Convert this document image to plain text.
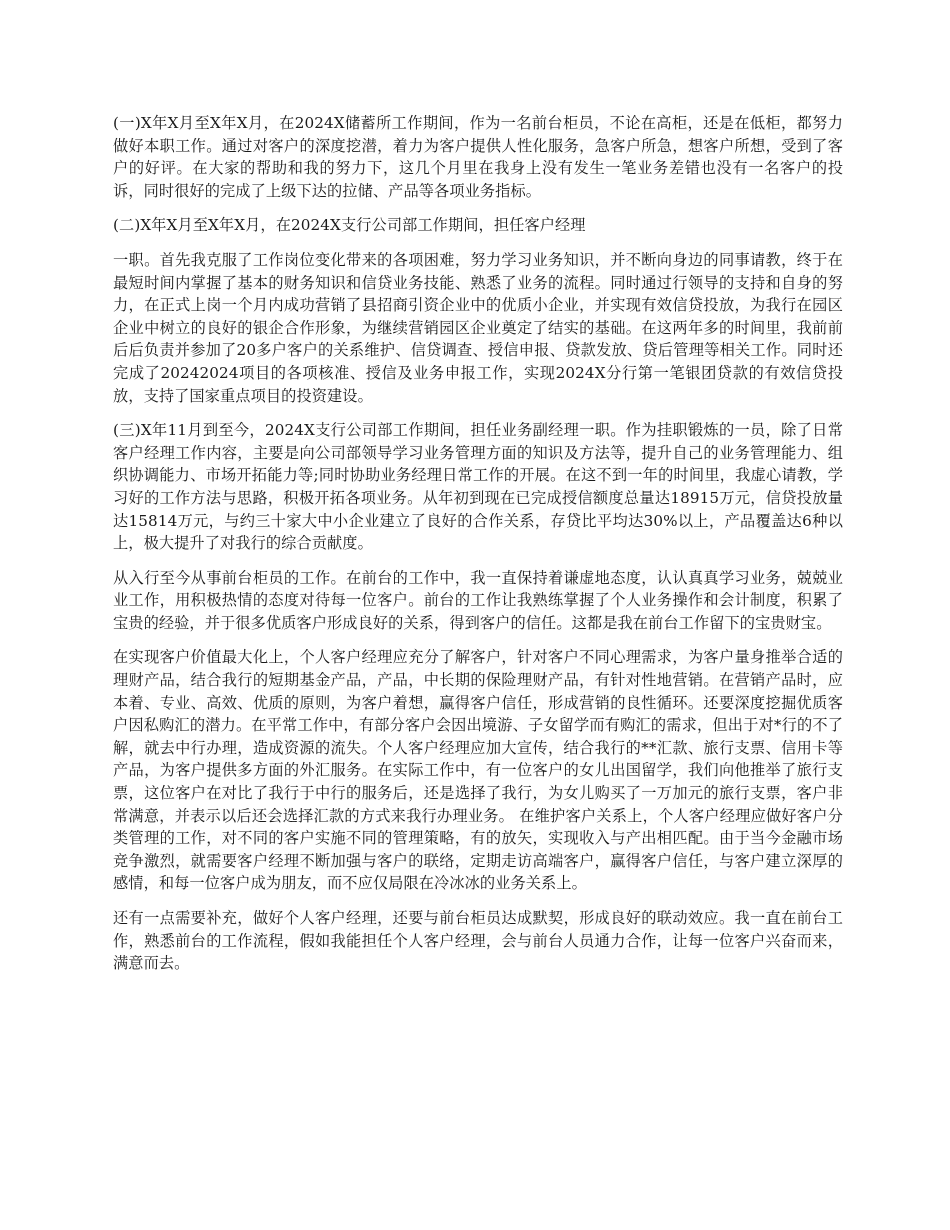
(一)X年X月至X年X月，在2024X储蓄所工作期间，作为一名前台柜员，不论在高柜，还是在低柜，都努力做好本职工作。通过对客户的深度挖潜，着力为客户提供人性化服务，急客户所急，想客户所想，受到了客户的好评。在大家的帮助和我的努力下，这几个月里在我身上没有发生一笔业务差错也没有一名客户的投诉，同时很好的完成了上级下达的拉储、产品等各项业务指标。

(二)X年X月至X年X月，在2024X支行公司部工作期间，担任客户经理

一职。首先我克服了工作岗位变化带来的各项困难，努力学习业务知识，并不断向身边的同事请教，终于在最短时间内掌握了基本的财务知识和信贷业务技能、熟悉了业务的流程。同时通过行领导的支持和自身的努力，在正式上岗一个月内成功营销了县招商引资企业中的优质小企业，并实现有效信贷投放，为我行在园区企业中树立的良好的银企合作形象，为继续营销园区企业奠定了结实的基础。在这两年多的时间里，我前前后后负责并参加了20多户客户的关系维护、信贷调查、授信申报、贷款发放、贷后管理等相关工作。同时还完成了20242024项目的各项核准、授信及业务申报工作，实现2024X分行第一笔银团贷款的有效信贷投放，支持了国家重点项目的投资建设。

(三)X年11月到至今，2024X支行公司部工作期间，担任业务副经理一职。作为挂职锻炼的一员，除了日常客户经理工作内容，主要是向公司部领导学习业务管理方面的知识及方法等，提升自己的业务管理能力、组织协调能力、市场开拓能力等;同时协助业务经理日常工作的开展。在这不到一年的时间里，我虚心请教，学习好的工作方法与思路，积极开拓各项业务。从年初到现在已完成授信额度总量达18915万元，信贷投放量达15814万元，与约三十家大中小企业建立了良好的合作关系，存贷比平均达30%以上，产品覆盖达6种以上，极大提升了对我行的综合贡献度。

从入行至今从事前台柜员的工作。在前台的工作中，我一直保持着谦虚地态度，认认真真学习业务，兢兢业业工作，用积极热情的态度对待每一位客户。前台的工作让我熟练掌握了个人业务操作和会计制度，积累了宝贵的经验，并于很多优质客户形成良好的关系，得到客户的信任。这都是我在前台工作留下的宝贵财宝。

在实现客户价值最大化上，个人客户经理应充分了解客户，针对客户不同心理需求，为客户量身推举合适的理财产品，结合我行的短期基金产品，产品，中长期的保险理财产品，有针对性地营销。在营销产品时，应本着、专业、高效、优质的原则，为客户着想，赢得客户信任，形成营销的良性循环。还要深度挖掘优质客户因私购汇的潜力。在平常工作中，有部分客户会因出境游、子女留学而有购汇的需求，但出于对*行的不了解，就去中行办理，造成资源的流失。个人客户经理应加大宣传，结合我行的**汇款、旅行支票、信用卡等产品，为客户提供多方面的外汇服务。在实际工作中，有一位客户的女儿出国留学，我们向他推举了旅行支票，这位客户在对比了我行于中行的服务后，还是选择了我行，为女儿购买了一万加元的旅行支票，客户非常满意，并表示以后还会选择汇款的方式来我行办理业务。 在维护客户关系上，个人客户经理应做好客户分类管理的工作，对不同的客户实施不同的管理策略，有的放矢，实现收入与产出相匹配。由于当今金融市场竞争激烈，就需要客户经理不断加强与客户的联络，定期走访高端客户，赢得客户信任，与客户建立深厚的感情，和每一位客户成为朋友，而不应仅局限在冷冰冰的业务关系上。

还有一点需要补充，做好个人客户经理，还要与前台柜员达成默契，形成良好的联动效应。我一直在前台工作，熟悉前台的工作流程，假如我能担任个人客户经理，会与前台人员通力合作，让每一位客户兴奋而来，满意而去。
